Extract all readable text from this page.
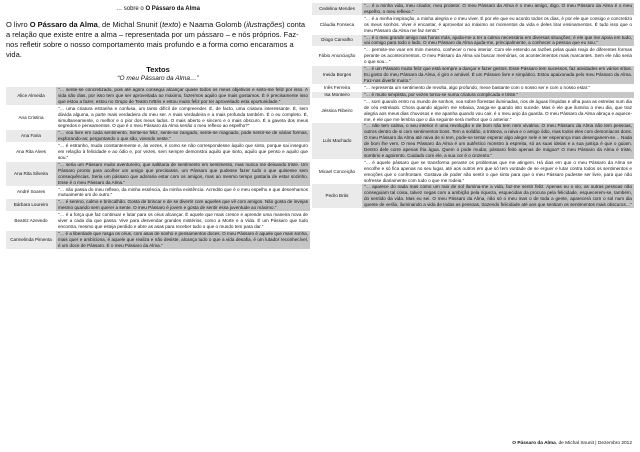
… sobre o O Pássaro da Alma

O livro O Pássaro da Alma, de Michal Snunit (texto) e Naama Golomb (ilustrações) conta a relação que existe entre a alma – representada por um pássaro – e nós próprios. Faz-nos refletir sobre o nosso comportamento mais profundo e a forma como encaramos a vida.

Textos
“O meu Pássaro da Alma…”
Alice Almeida	"… sente-se concretizado, pois até agora consegui alcançar quase todos os meus objetivos e sinto-me feliz por isso. A vida são dias, por isso tem que ser aproveitada ao máximo, fazermos aquilo que mais gostamos. É é precisamente isso que estou a fazer, estou no Grupo de Teatro IVBris e estou muito feliz por ter aproveitado esta oportunidade."
Ana Cristina	"… uma criatura estranha e confusa, um tanto difícil de compreender. É, de facto, uma criatura interessante. É, sem dúvida alguma, a parte mais verdadeira do meu ser. A mais verdadeira e a mais profunda também. É o eu completo. É, simultaneamente, o melhor e o pior dos meus lados. O mais aberto e sincero e o mais obscuro. É a gaveta dos meus segredos e pensamentos. O que é o meu Pássaro da Alma senão o meu reflexo ao espelho?"
Ana Faria	"… voa livre em cada sentimento. Sente-se feliz, sente-se zangado, sente-se magoado, pode sentir-se de várias formas, explorando-as; perguntando o que são, vivendo neste."
Ana Rita Alves	"… é estranho, muda constantemente e, às vezes, é como se não correspondesse àquilo que sinto, porque sai inseguro em relação à felicidade e ao ódio e, por vezes, sem sempre demonstra aquilo que sinto, aquilo que penso e aquilo que sou."
Ana Rita Silveira	"… seria um Pássaro muito aventureiro, que saltitaria de sentimento em sentimento, mas nunca me deixando triste. Um Pássaro pronto para acolher um amigo que precisasse, um Pássaro que pudesse fazer tudo o que quisesse sem consequências. Seria um pássaro que adoraria estar com os amigos, mas ao mesmo tempo gostaria de estar sozinho. Esse é o meu Pássaro da Alma."
André Soares	"… não passa do meu reflexo, da minha essência, da minha existência. Acredito que é o meu espelho e que desenhamos mutuamente um do outro."
Bárbara Loureiro	"… é sereno, calmo e brincalhão. Gosta de brincar e de se divertir com aqueles que vê com amigos. Não gosta de invejas mesmo quando sem querer a sente. O meu Pássaro é jovem e gosta de sentir essa juventude ao máximo."
Beatriz Azevedo	"… é a força que faz continuar e lutar para os céus alcançar. É aquele que mais cresce e aprende uma maneira nova de viver a cada dia que passa. Vive para desvendar grandes mistérios, como a Morte e a Vida. É um Pássaro que tudo encontra, mesmo que esteja perdido e abre as asas para receber tudo o que o mundo tem para dar."
Carmelinda Pimenta	"… é a liberdade que rasga os céus, com asas de sonho e pensamentos doces. O meu Pássaro é aquele que mais sonha, mais quer e ambiciona, é aquele que realiza e não desiste, alcança tudo o que a vida desafia, é um lutador reconhecível, é um doce de Pássaro. É o meu Pássaro da Alma."
Cedelina Mendes	"… é a minha vida, meu criador, meu protetor. O meu Pássaro da Alma é o meu amigo, digo. O meu Pássaro da Alma é o meu espelho, o meu reflexo."
Cláudia Fonseca	"… é a minha inspiração, a minha alegria e o meu viver. É por ele que eu acordo todos os dias, é por ele que consigo e concretizo os meus sonhos. Viver é encantar, é aproveitar ao máximo os momentos da vida e deles tirar ensinamentos. É tudo isso que o meu Pássaro da Alma me faz sentir."
Diogo Carvalho	"… é o meu grande amigo nas horas más, ajuda-me a ter a calma necessária em diversas situações; é ele que me apoia em tudo, vai comigo para todo o lado. O meu Pássaro da Alma ajuda-me, principalmente, a conhecer a pessoa que eu sou."
Fábio Anunciação	"… permite-me voar em mim mesmo, conhecer o meu interior. Com ele entendo as razões pelas quais reajo de diferentes formas perante os acontecimentos. O meu Pássaro da Alma vai buscar memórias, os acontecimentos mais marcantes. Sem ele não seria o que sou…"
Ineida Borges	"… é um Pássaro muito feliz que está sempre a dançar e fazer gestos. Esse Pássaro tem sucessos, faz atividades em vários sítios. Eu gosto do meu Pássaro da Alma, é giro e amável. É um Pássaro livre e simpático. Estou apaixonada pelo meu Pássaro da Alma. Faz-nos divertir muito."
Inês Ferreira	"… representa um sentimento de revolta, algo profundo, mexe bastante com o nosso ser e com o nosso estar."
Isa Monteiro	"… é muito simplista, por vezes torna-se numa criatura complicada e triste."
Jéssica Ribeiro	"… sorri quando entro no mundo de sonhos, voa sobre florestas iluminadas, rios de águas límpidas e olha para as estrelas num dia de céu estrelado. Chora quando alguém me rebaixa, zanga-se quando isto sucede. Mas é ele que ilumina o meu dia, que traz alegria aos meus dias chuvosos e me apanha quando vou cair, é o meu anjo da guarda. O meu Pássaro da Alma abraça e aquece-me, é ele que me lembra que o dia seguinte será melhor que o anterior."
Luís Machado	"… não tem calma, o seu interior é uma revolução e de bom não tem nem vivalma. O meu Pássaro da Alma não tem pessoas, outros dentro de si com sentimentos bons. Tem a solidão, a tristeza, a raiva e o amigo ódio, mas todos eles com demoníacos dons. O meu Pássaro da Alma até raiva de si tem, pode-se tentar esperar algo alegre nele e ter esperança mas desenganem-se… Nada de bom lhe vem. O meu Pássaro da Alma é um autêntico monstro à espreita, só as suas ideias e a sua justiça é que o guiam. Dentro dele corre apenas fria água. Quem o pode mudar, pássaro feito apenas de mágoa? O meu Pássaro da Alma é triste, sombrio e agoirento. Cuidado com ele, a sua cor é o cinzento."
Micael Conceição	"… é aquele pássaro que se transforma perante os problemas que me atingem. Há dias em que o meu Pássaro da Alma se encolhe e só fica apenas no seu lugar, até aos outros em que só tem vontade de se erguer e lutar contra todos os sentimentos e emoções que o confrontam. Gostava de poder não sentir o que sinto para que o meu Pássaro pudesse ser livre, para que não sofresse diariamente com tudo o que me rodeia."
Pedro Brás	"… aparece do nada mas como um raio de sol ilumina-me a vida, faz-me sentir feliz. Apenas eu o vio, as outras pessoas não conseguiam tal coisa, talvez cegas com a ambição pela riqueza, esquecidas da procura pela felicidade, esquecerem-se, também, do sentido da vida. Mas eu sei. O meu Pássaro da Alma, não só o meu mas o de toda a gente, aparecerá com o sol num dia quente de verão, iluminando a vida de todas as pessoas, trazendo felicidade até aos que sentiam os sentimentos mais obscuros…"
O Pássaro da Alma, de Michal Snunit | Dezembro 2012
